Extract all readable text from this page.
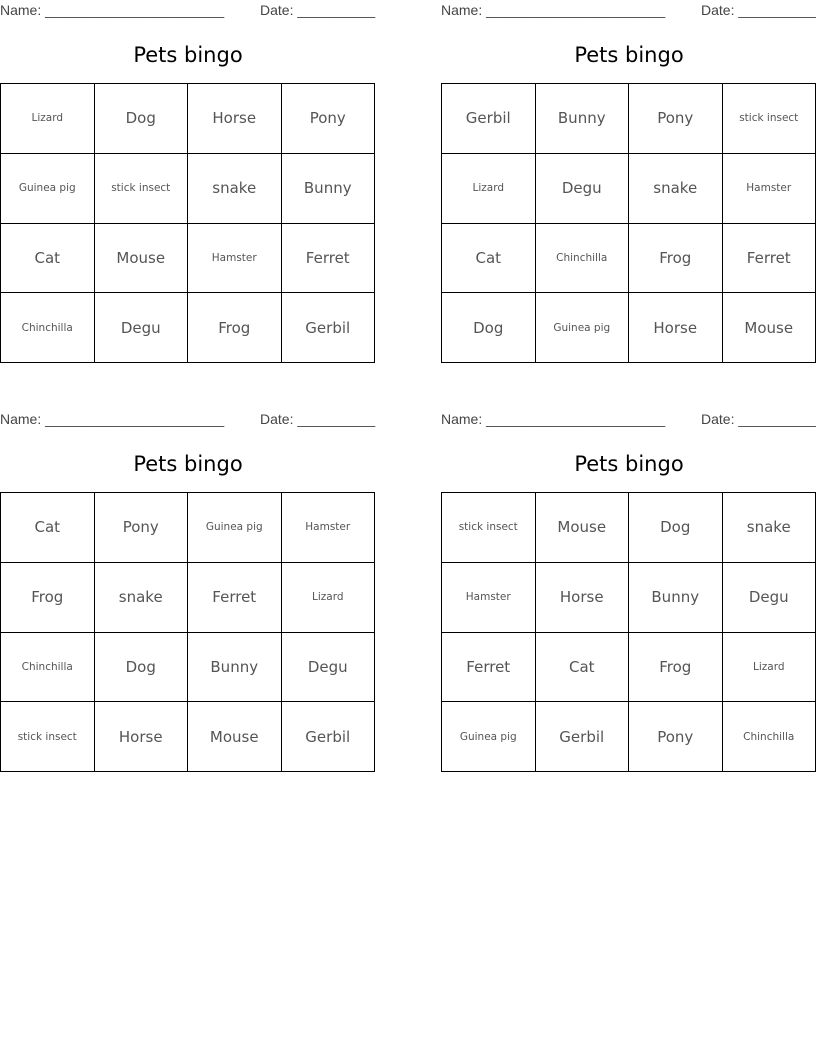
Name: _______________________	Date: __________
Pets bingo
Lizard	Dog	Horse	Pony
Guinea pig	stick insect	snake	Bunny
Cat	Mouse	Hamster	Ferret
Chinchilla	Degu	Frog	Gerbil
Name: _______________________	Date: __________
Pets bingo
Gerbil	Bunny	Pony	stick insect
Lizard	Degu	snake	Hamster
Cat	Chinchilla	Frog	Ferret
Dog	Guinea pig	Horse	Mouse
Name: _______________________	Date: __________
Pets bingo
Cat	Pony	Guinea pig	Hamster
Frog	snake	Ferret	Lizard
Chinchilla	Dog	Bunny	Degu
stick insect	Horse	Mouse	Gerbil
Name: _______________________	Date: __________
Pets bingo
stick insect	Mouse	Dog	snake
Hamster	Horse	Bunny	Degu
Ferret	Cat	Frog	Lizard
Guinea pig	Gerbil	Pony	Chinchilla
